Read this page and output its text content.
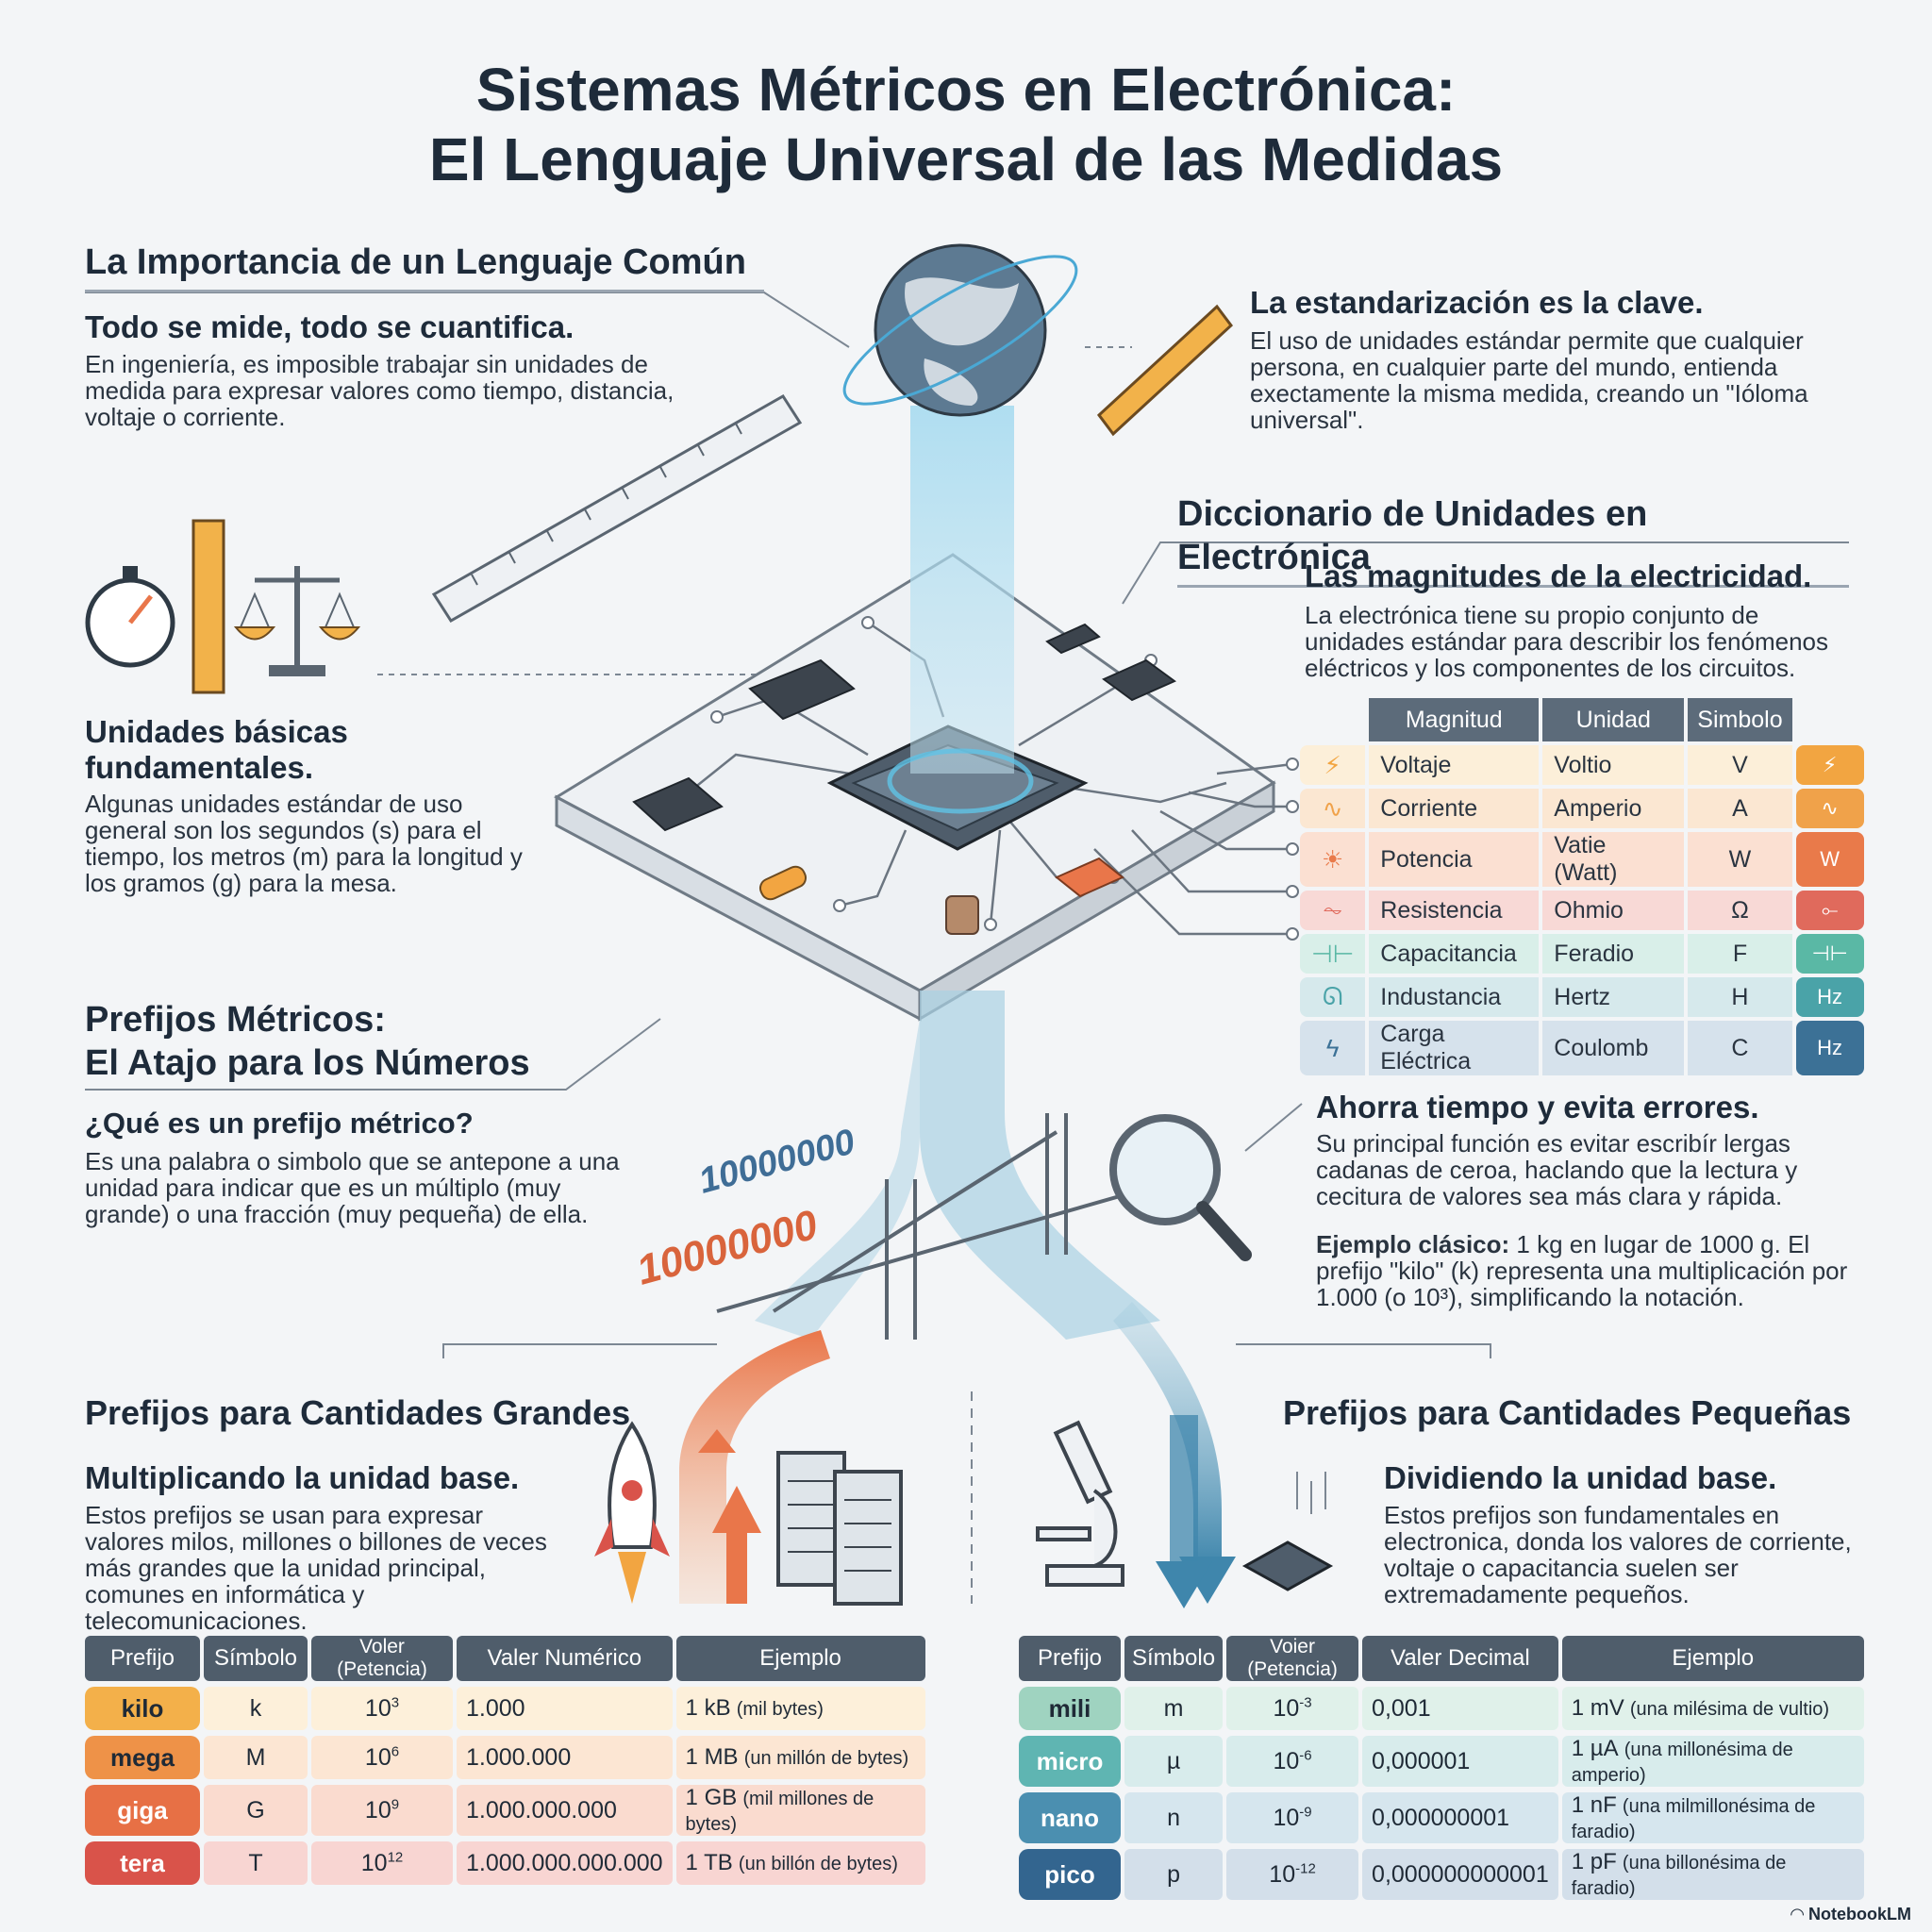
Sistemas Métricos en Electrónica:
El Lenguaje Universal de las Medidas
10000000
10000000
La Importancia de un Lenguaje Común
Todo se mide, todo se cuantifica.
En ingeniería, es imposible trabajar sin unidades de medida para expresar valores como tiempo, distancia, voltaje o corriente.
La estandarización es la clave.
El uso de unidades estándar permite que cualquier persona, en cualquier parte del mundo, entienda exectamente la misma medida, creando un "Ióloma universal".
Unidades básicas
fundamentales.
Algunas unidades estándar de uso general son los segundos (s) para el tiempo, los metros (m) para la longitud y los gramos (g) para la mesa.
Diccionario de Unidades en Electrónica
Las magnitudes de la electricidad.
La electrónica tiene su propio conjunto de unidades estándar para describir los fenómenos eléctricos y los componentes de los circuitos.
	Magnitud	Unidad	Simbolo	
⚡	Voltaje	Voltio	V	⚡
∿	Corriente	Amperio	A	∿
☀	Potencia	Vatie (Watt)	W	W
⏦	Resistencia	Ohmio	Ω	⟜
⊣⊢	Capacitancia	Feradio	F	⊣⊢
ᘏ	Industancia	Hertz	H	Hz
ϟ	Carga Eléctrica	Coulomb	C	Hz
Prefijos Métricos:
El Atajo para los Números
¿Qué es un prefijo métrico?
Es una palabra o simbolo que se antepone a una unidad para indicar que es un múltiplo (muy grande) o una fracción (muy pequeña) de ella.
Ahorra tiempo y evita errores.
Su principal función es evitar escribír lergas cadanas de ceroa, haclando que la lectura y cecitura de valores sea más clara y rápida.
Ejemplo clásico: 1 kg en lugar de 1000 g. El prefijo "kilo" (k) representa una multiplicación por 1.000 (o 10³), simplificando la notación.
Prefijos para Cantidades Grandes
Multiplicando la unidad base.
Estos prefijos se usan para expresar valores milos, millones o billones de veces más grandes que la unidad principal, comunes en informática y telecomunicaciones.
Prefijo	Símbolo	Voler (Petencia)	Valer Numérico	Ejemplo
kilo	k	$10^3$	1.000	1 kB (mil bytes)
mega	M	$10^6$	1.000.000	1 MB (un millón de bytes)
giga	G	$10^9$	1.000.000.000	1 GB (mil millones de bytes)
tera	T	$10^{12}$	1.000.000.000.000	1 TB (un billón de bytes)
Prefijos para Cantidades Pequeñas
Dividiendo la unidad base.
Estos prefijos son fundamentales en electronica, donda los valores de corriente, voltaje o capacitancia suelen ser extremadamente pequeños.
Prefijo	Símbolo	Voier (Petencia)	Valer Decimal	Ejemplo
mili	m	$10^{-3}$	0,001	1 mV (una milésima de vultio)
micro	µ	$10^{-6}$	0,000001	1 µA (una millonésima de amperio)
nano	n	$10^{-9}$	0,000000001	1 nF (una milmillonésima de faradio)
pico	p	$10^{-12}$	0,000000000001	1 pF (una billonésima de faradio)
◠ NotebookLM
